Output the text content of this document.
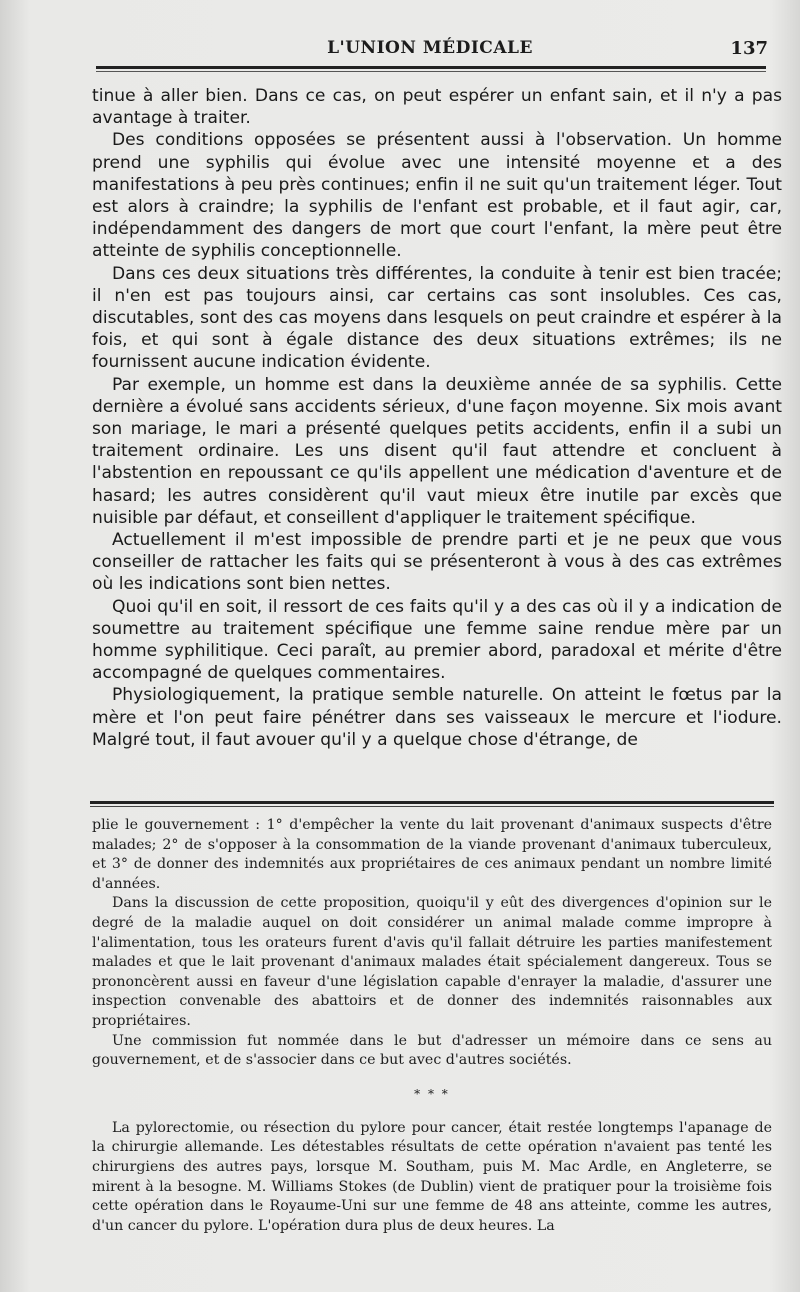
L'UNION MÉDICALE	137

tinue à aller bien. Dans ce cas, on peut espérer un enfant sain, et il n'y a pas avantage à traiter.

Des conditions opposées se présentent aussi à l'observation. Un homme prend une syphilis qui évolue avec une intensité moyenne et a des manifestations à peu près continues; enfin il ne suit qu'un traitement léger. Tout est alors à craindre; la syphilis de l'enfant est probable, et il faut agir, car, indépendamment des dangers de mort que court l'enfant, la mère peut être atteinte de syphilis conceptionnelle.

Dans ces deux situations très différentes, la conduite à tenir est bien tracée; il n'en est pas toujours ainsi, car certains cas sont insolubles. Ces cas, discutables, sont des cas moyens dans lesquels on peut craindre et espérer à la fois, et qui sont à égale distance des deux situations extrêmes; ils ne fournissent aucune indication évidente.

Par exemple, un homme est dans la deuxième année de sa syphilis. Cette dernière a évolué sans accidents sérieux, d'une façon moyenne. Six mois avant son mariage, le mari a présenté quelques petits accidents, enfin il a subi un traitement ordinaire. Les uns disent qu'il faut attendre et concluent à l'abstention en repoussant ce qu'ils appellent une médication d'aventure et de hasard; les autres considèrent qu'il vaut mieux être inutile par excès que nuisible par défaut, et conseillent d'appliquer le traitement spécifique.

Actuellement il m'est impossible de prendre parti et je ne peux que vous conseiller de rattacher les faits qui se présenteront à vous à des cas extrêmes où les indications sont bien nettes.

Quoi qu'il en soit, il ressort de ces faits qu'il y a des cas où il y a indication de soumettre au traitement spécifique une femme saine rendue mère par un homme syphilitique. Ceci paraît, au premier abord, paradoxal et mérite d'être accompagné de quelques commentaires.

Physiologiquement, la pratique semble naturelle. On atteint le fœtus par la mère et l'on peut faire pénétrer dans ses vaisseaux le mercure et l'iodure. Malgré tout, il faut avouer qu'il y a quelque chose d'étrange, de

plie le gouvernement : 1° d'empêcher la vente du lait provenant d'animaux suspects d'être malades; 2° de s'opposer à la consommation de la viande provenant d'animaux tuberculeux, et 3° de donner des indemnités aux propriétaires de ces animaux pendant un nombre limité d'années.

Dans la discussion de cette proposition, quoiqu'il y eût des divergences d'opinion sur le degré de la maladie auquel on doit considérer un animal malade comme impropre à l'alimentation, tous les orateurs furent d'avis qu'il fallait détruire les parties manifestement malades et que le lait provenant d'animaux malades était spécialement dangereux. Tous se prononcèrent aussi en faveur d'une législation capable d'enrayer la maladie, d'assurer une inspection convenable des abattoirs et de donner des indemnités raisonnables aux propriétaires.

Une commission fut nommée dans le but d'adresser un mémoire dans ce sens au gouvernement, et de s'associer dans ce but avec d'autres sociétés.

* * *

La pylorectomie, ou résection du pylore pour cancer, était restée longtemps l'apanage de la chirurgie allemande. Les détestables résultats de cette opération n'avaient pas tenté les chirurgiens des autres pays, lorsque M. Southam, puis M. Mac Ardle, en Angleterre, se mirent à la besogne. M. Williams Stokes (de Dublin) vient de pratiquer pour la troisième fois cette opération dans le Royaume-Uni sur une femme de 48 ans atteinte, comme les autres, d'un cancer du pylore. L'opération dura plus de deux heures. La
